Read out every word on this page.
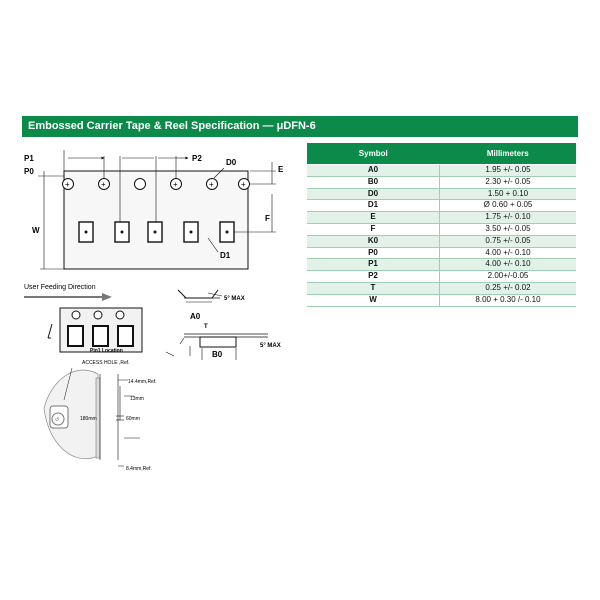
Embossed Carrier Tape & Reel Specification — μDFN-6
+	+	+	+	+
P1
P0
P2	D0
E
F
W
D1
User Feeding Direction
Pin1 Location
5° MAX
A0
T
B0
5° MAX
↺
ACCESS HOLE ,Ref.
14.4mm,Ref.
13mm
180mm	60mm
8.4mm,Ref.
Symbol	Millimeters
A0	1.95 +/- 0.05
B0	2.30 +/- 0.05
D0	1.50 + 0.10
D1	Ø 0.60 + 0.05
E	1.75 +/- 0.10
F	3.50 +/- 0.05
K0	0.75 +/- 0.05
P0	4.00 +/- 0.10
P1	4.00 +/- 0.10
P2	2.00+/-0.05
T	0.25 +/- 0.02
W	8.00 + 0.30 /- 0.10
